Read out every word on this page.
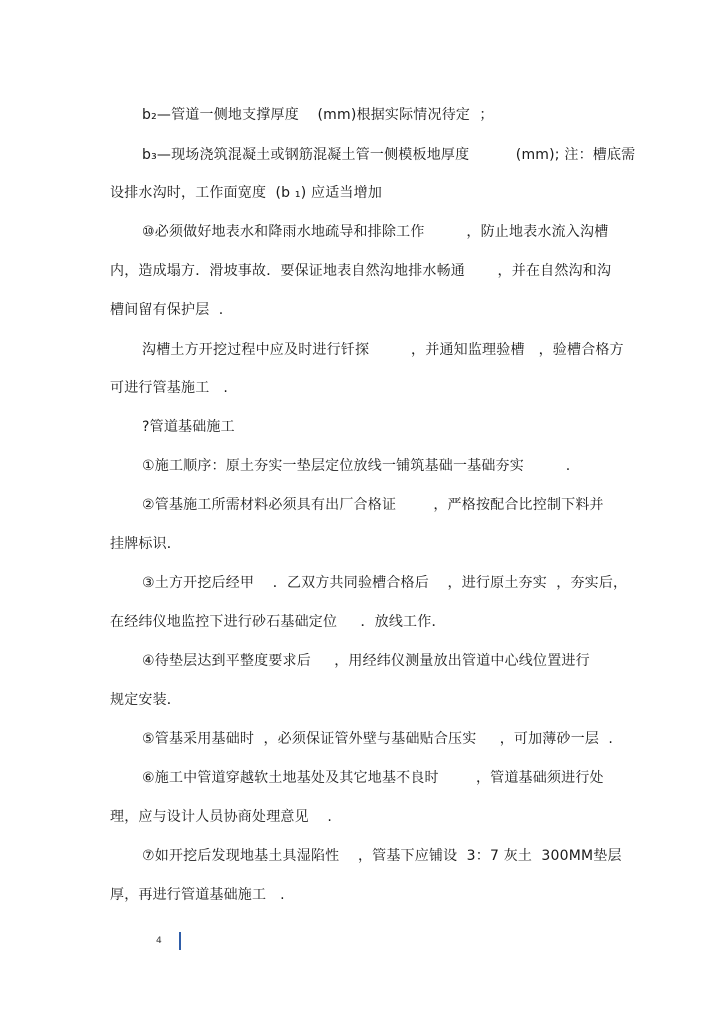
b₂—管道一侧地支撑厚度    (mm)根据实际情况待定  ；
b₃—现场浇筑混凝土或钢筋混凝土管一侧模板地厚度          (mm); 注：槽底需
设排水沟时，工作面宽度  (b ₁) 应适当增加
⑩必须做好地表水和降雨水地疏导和排除工作         ，防止地表水流入沟槽
内，造成塌方．滑坡事故．要保证地表自然沟地排水畅通       ，并在自然沟和沟
槽间留有保护层  .
沟槽土方开挖过程中应及时进行钎探         ，并通知监理验槽   ，验槽合格方
可进行管基施工   .
?管道基础施工
①施工顺序：原土夯实一垫层定位放线一铺筑基础一基础夯实         .
②管基施工所需材料必须具有出厂合格证        ，严格按配合比控制下料并
挂牌标识．
③土方开挖后经甲    ．乙双方共同验槽合格后    ，进行原土夯实  ，夯实后，
在经纬仪地监控下进行砂石基础定位     ．放线工作．
④待垫层达到平整度要求后     ，用经纬仪测量放出管道中心线位置进行
规定安装．
⑤管基采用基础时  ，必须保证管外壁与基础贴合压实     ，可加薄砂一层  .
⑥施工中管道穿越软土地基处及其它地基不良时        ，管道基础须进行处
理，应与设计人员协商处理意见    .
⑦如开挖后发现地基土具湿陷性    ，管基下应铺设  3：7 灰土  300MM垫层
厚，再进行管道基础施工   .
4
